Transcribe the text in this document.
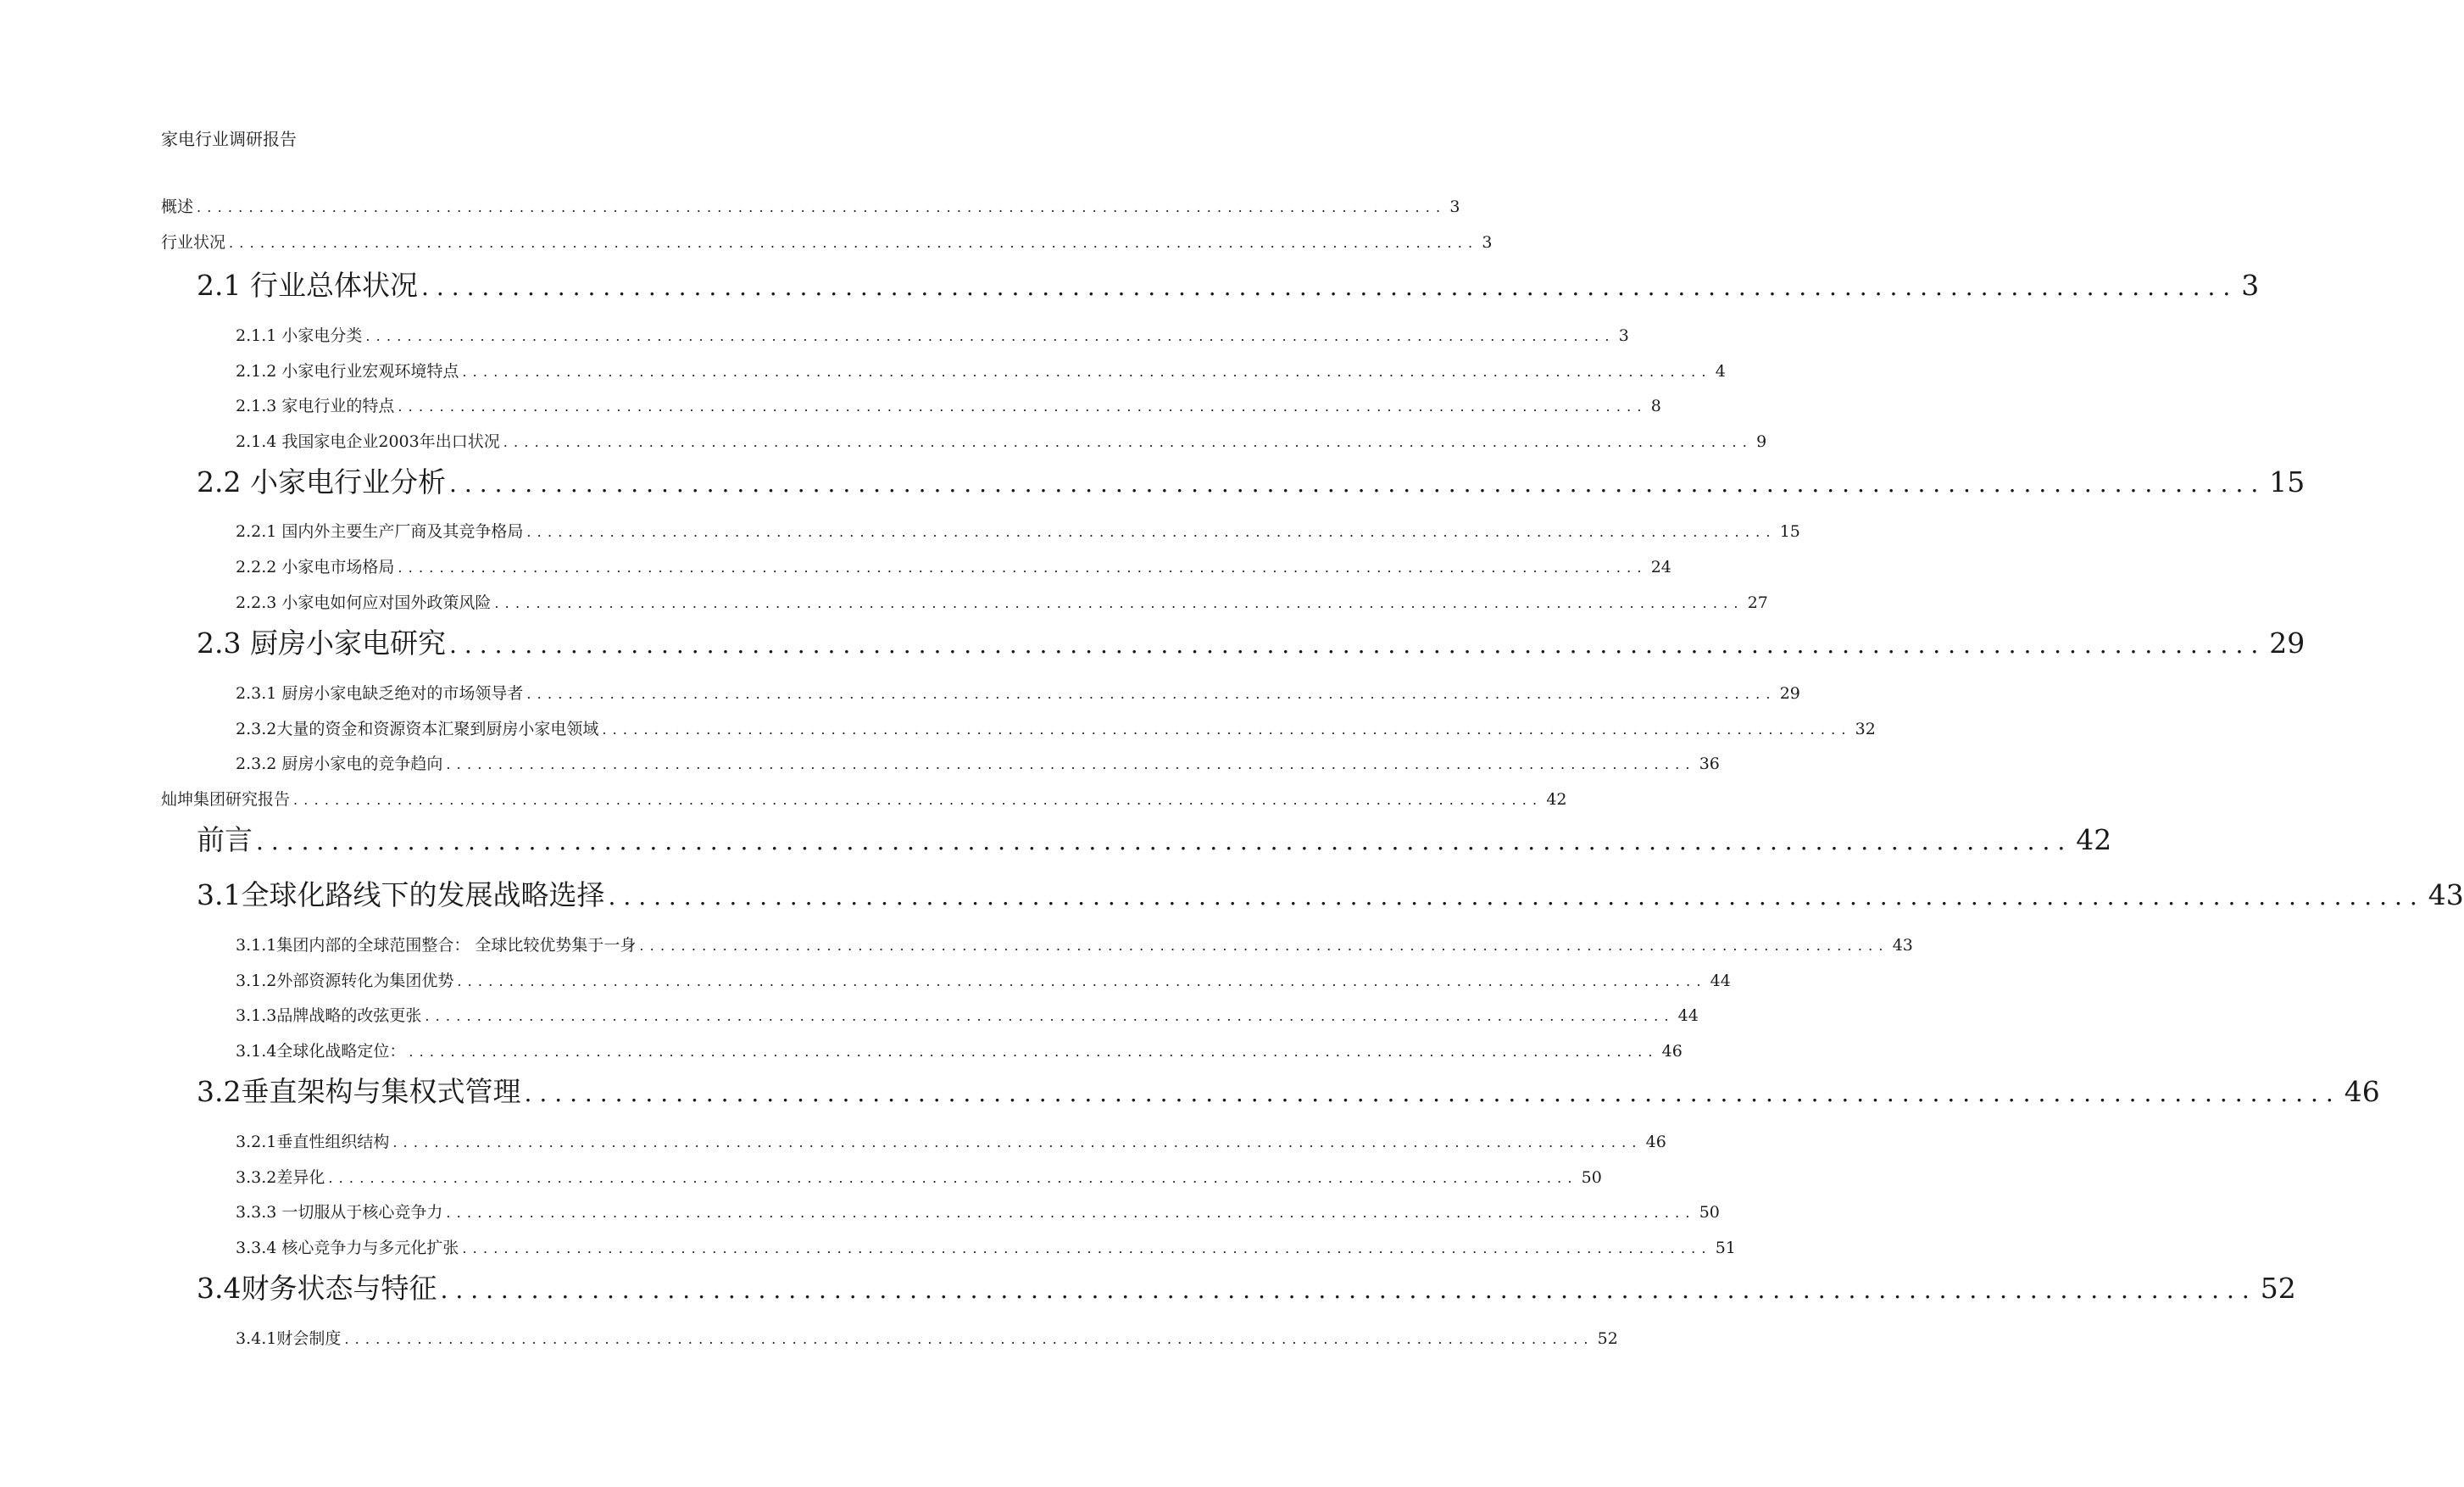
家电行业调研报告
概述 ........................................................................................................................ 3
行业状况 ........................................................................................................................ 3
2.1 行业总体状况 ........................................................................................................................ 3
2.1.1 小家电分类 ........................................................................................................................ 3
2.1.2 小家电行业宏观环境特点 ........................................................................................................................ 4
2.1.3 家电行业的特点 ........................................................................................................................ 8
2.1.4 我国家电企业2003年出口状况 ........................................................................................................................ 9
2.2 小家电行业分析 ........................................................................................................................ 15
2.2.1 国内外主要生产厂商及其竞争格局 ........................................................................................................................ 15
2.2.2 小家电市场格局 ........................................................................................................................ 24
2.2.3 小家电如何应对国外政策风险 ........................................................................................................................ 27
2.3 厨房小家电研究 ........................................................................................................................ 29
2.3.1 厨房小家电缺乏绝对的市场领导者 ........................................................................................................................ 29
2.3.2大量的资金和资源资本汇聚到厨房小家电领域 ........................................................................................................................ 32
2.3.2 厨房小家电的竞争趋向 ........................................................................................................................ 36
灿坤集团研究报告 ........................................................................................................................ 42
前言 ........................................................................................................................ 42
3.1全球化路线下的发展战略选择 ........................................................................................................................ 43
3.1.1集团内部的全球范围整合： 全球比较优势集于一身 ........................................................................................................................ 43
3.1.2外部资源转化为集团优势 ........................................................................................................................ 44
3.1.3品牌战略的改弦更张 ........................................................................................................................ 44
3.1.4全球化战略定位： ........................................................................................................................ 46
3.2垂直架构与集权式管理 ........................................................................................................................ 46
3.2.1垂直性组织结构 ........................................................................................................................ 46
3.3.2差异化 ........................................................................................................................ 50
3.3.3 一切服从于核心竞争力 ........................................................................................................................ 50
3.3.4 核心竞争力与多元化扩张 ........................................................................................................................ 51
3.4财务状态与特征 ........................................................................................................................ 52
3.4.1财会制度 ........................................................................................................................ 52
